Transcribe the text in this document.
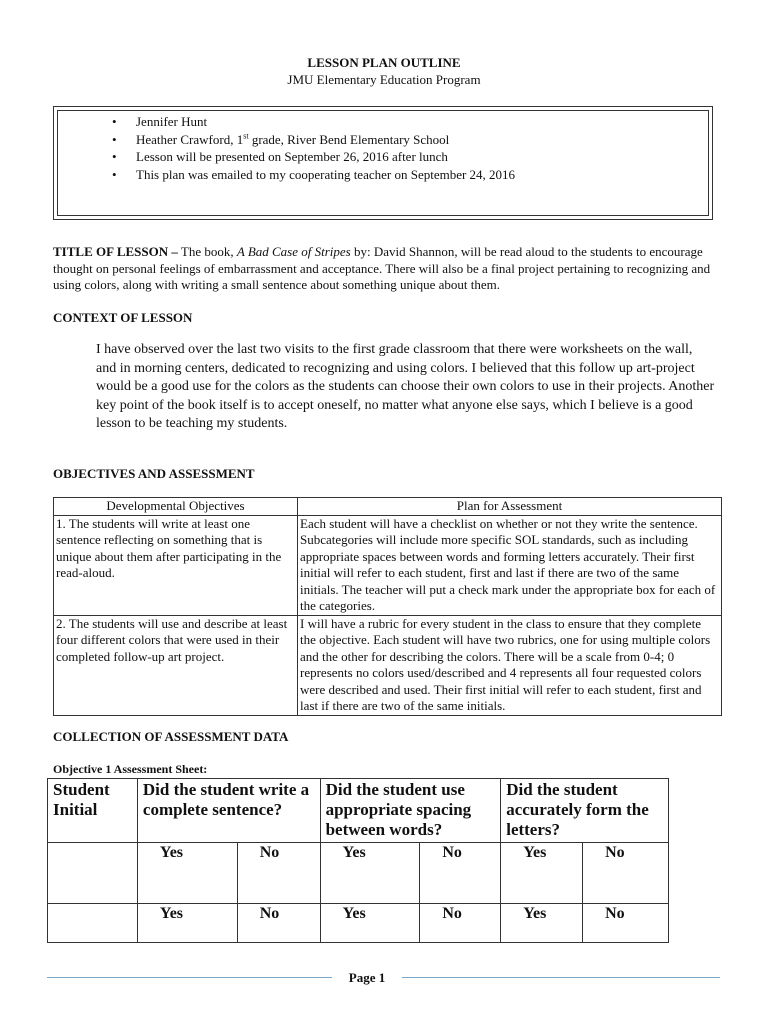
LESSON PLAN OUTLINE
JMU Elementary Education Program
• Jennifer Hunt
• Heather Crawford, 1st grade, River Bend Elementary School
• Lesson will be presented on September 26, 2016 after lunch
• This plan was emailed to my cooperating teacher on September 24, 2016
TITLE OF LESSON – The book, A Bad Case of Stripes by: David Shannon, will be read aloud to the students to encourage thought on personal feelings of embarrassment and acceptance. There will also be a final project pertaining to recognizing and using colors, along with writing a small sentence about something unique about them.
CONTEXT OF LESSON
I have observed over the last two visits to the first grade classroom that there were worksheets on the wall, and in morning centers, dedicated to recognizing and using colors. I believed that this follow up art-project would be a good use for the colors as the students can choose their own colors to use in their projects. Another key point of the book itself is to accept oneself, no matter what anyone else says, which I believe is a good lesson to be teaching my students.
OBJECTIVES AND ASSESSMENT
Developmental Objectives	Plan for Assessment
1. The students will write at least one sentence reflecting on something that is unique about them after participating in the read-aloud.	Each student will have a checklist on whether or not they write the sentence. Subcategories will include more specific SOL standards, such as including appropriate spaces between words and forming letters accurately. Their first initial will refer to each student, first and last if there are two of the same initials. The teacher will put a check mark under the appropriate box for each of the categories.
2. The students will use and describe at least four different colors that were used in their completed follow-up art project.	I will have a rubric for every student in the class to ensure that they complete the objective. Each student will have two rubrics, one for using multiple colors and the other for describing the colors. There will be a scale from 0-4; 0 represents no colors used/described and 4 represents all four requested colors were described and used. Their first initial will refer to each student, first and last if there are two of the same initials.
COLLECTION OF ASSESSMENT DATA
Objective 1 Assessment Sheet:
Student Initial	Did the student write a complete sentence?		Did the student use appropriate spacing between words?		Did the student accurately form the letters?	
	Yes	No	Yes	No	Yes	No
	Yes	No	Yes	No	Yes	No
Page 1
